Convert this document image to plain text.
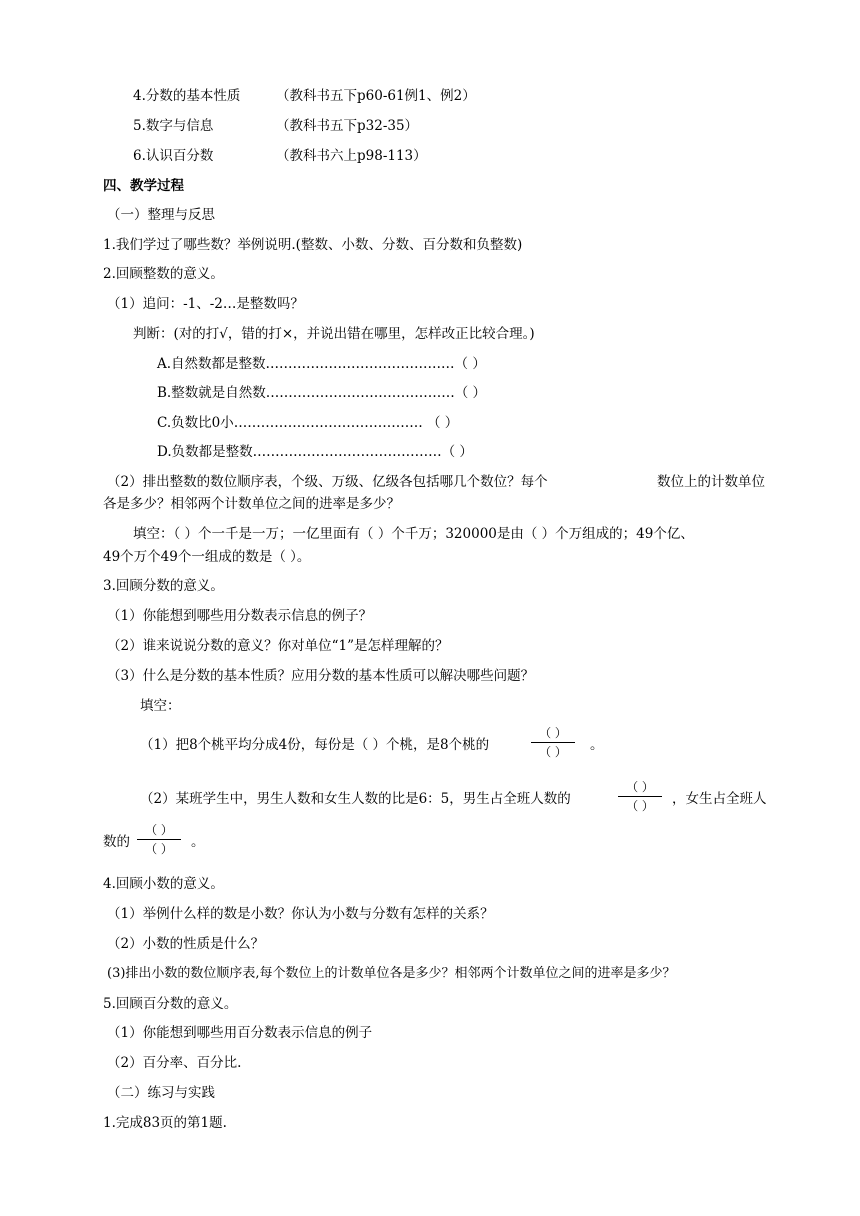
4.分数的基本性质	（教科书五下p60-61例1、例2）
5.数字与信息	（教科书五下p32-35）
6.认识百分数	（教科书六上p98-113）
四、教学过程
（一）整理与反思
1.我们学过了哪些数？举例说明.(整数、小数、分数、百分数和负整数)
2.回顾整数的意义。
（1）追问：-1、-2…是整数吗？
判断：(对的打√，错的打×，并说出错在哪里，怎样改正比较合理。)
A.自然数都是整数……………………………………（ ）
B.整数就是自然数……………………………………（ ）
C.负数比0小…………………………………… （ ）
D.负数都是整数……………………………………（ ）
（2）排出整数的数位顺序表，个级、万级、亿级各包括哪几个数位？每个	数位上的计数单位
各是多少？相邻两个计数单位之间的进率是多少？
填空：（ ）个一千是一万；一亿里面有（ ）个千万；320000是由（ ）个万组成的；49个亿、
49个万个49个一组成的数是（ ）。
3.回顾分数的意义。
（1）你能想到哪些用分数表示信息的例子？
（2）谁来说说分数的意义？你对单位“1”是怎样理解的？
（3）什么是分数的基本性质？应用分数的基本性质可以解决哪些问题？
填空：
（1）把8个桃平均分成4份，每份是（ ）个桃，是8个桃的
（ ）
（ ）	。
（2）某班学生中，男生人数和女生人数的比是6：5，男生占全班人数的
（ ）
（ ）	，女生占全班人
数的
（ ）
（ ）	。
4.回顾小数的意义。
（1）举例什么样的数是小数？你认为小数与分数有怎样的关系？
（2）小数的性质是什么？
(3)排出小数的数位顺序表,每个数位上的计数单位各是多少？相邻两个计数单位之间的进率是多少？
5.回顾百分数的意义。
（1）你能想到哪些用百分数表示信息的例子
（2）百分率、百分比.
（二）练习与实践
1.完成83页的第1题.
